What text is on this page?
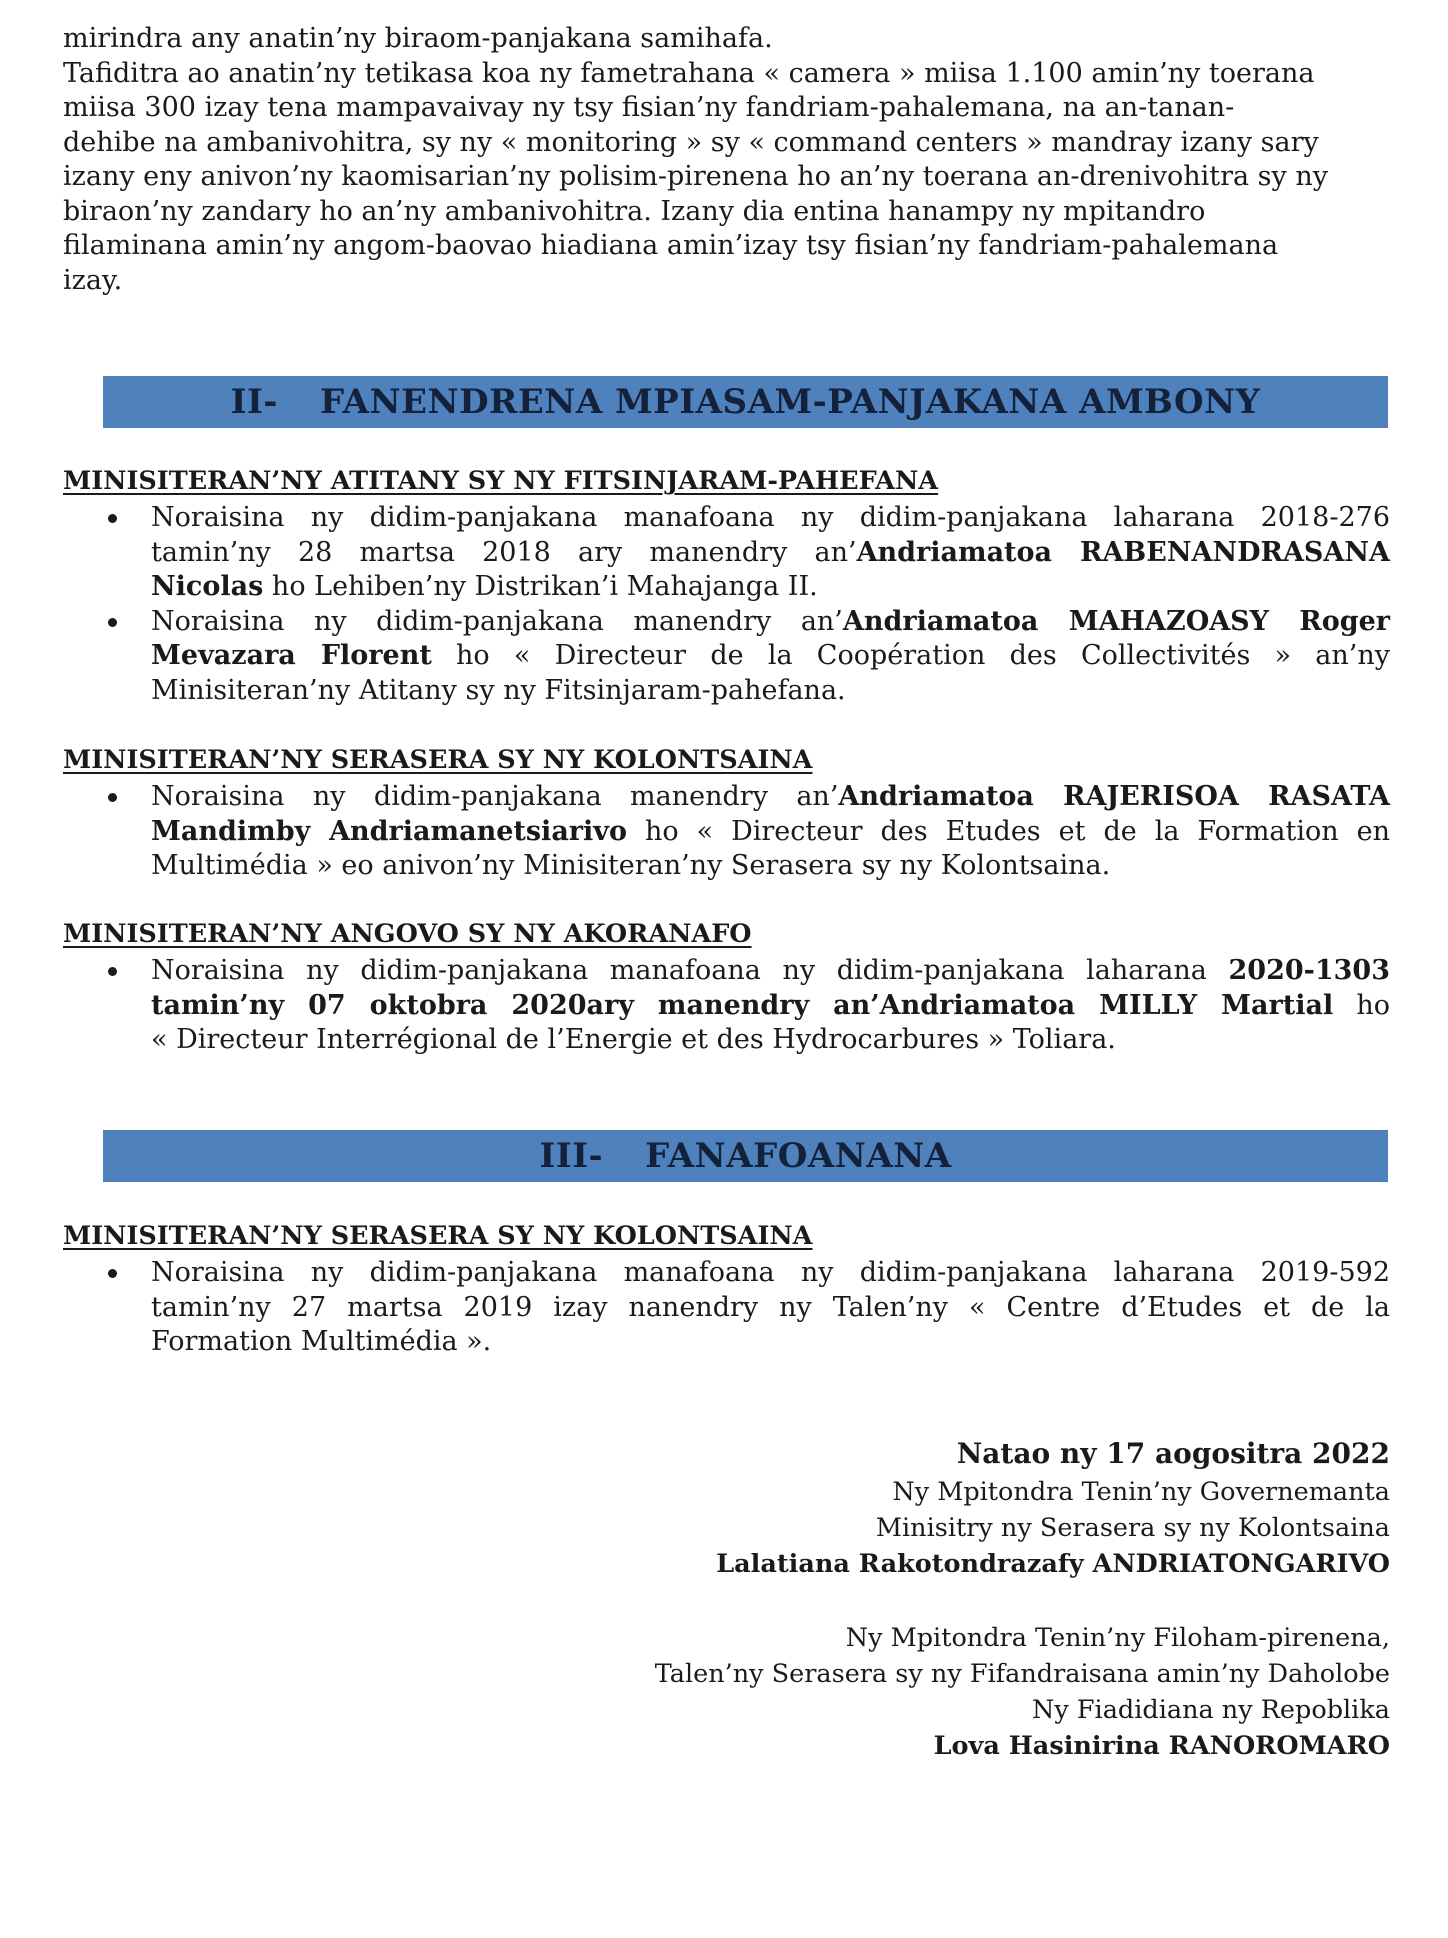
mirindra any anatin’ny biraom-panjakana samihafa.
Tafiditra ao anatin’ny tetikasa koa ny fametrahana « camera » miisa 1.100 amin’ny toerana
miisa 300 izay tena mampavaivay ny tsy fisian’ny fandriam-pahalemana, na an-tanan-
dehibe na ambanivohitra, sy ny « monitoring » sy « command centers » mandray izany sary
izany eny anivon’ny kaomisarian’ny polisim-pirenena ho an’ny toerana an-drenivohitra sy ny
biraon’ny zandary ho an’ny ambanivohitra. Izany dia entina hanampy ny mpitandro
filaminana amin’ny angom-baovao hiadiana amin’izay tsy fisian’ny fandriam-pahalemana
izay.

II- FANENDRENA MPIASAM-PANJAKANA AMBONY

MINISITERAN’NY ATITANY SY NY FITSINJARAM-PAHEFANA

Noraisina ny didim-panjakana manafoana ny didim-panjakana laharana 2018-276
tamin’ny 28 martsa 2018 ary manendry an’Andriamatoa RABENANDRASANA
Nicolas ho Lehiben’ny Distrikan’i Mahajanga II.
Noraisina ny didim-panjakana manendry an’Andriamatoa MAHAZOASY Roger
Mevazara Florent ho « Directeur de la Coopération des Collectivités » an’ny
Minisiteran’ny Atitany sy ny Fitsinjaram-pahefana.

MINISITERAN’NY SERASERA SY NY KOLONTSAINA

Noraisina ny didim-panjakana manendry an’Andriamatoa RAJERISOA RASATA
Mandimby Andriamanetsiarivo ho « Directeur des Etudes et de la Formation en
Multimédia » eo anivon’ny Minisiteran’ny Serasera sy ny Kolontsaina.

MINISITERAN’NY ANGOVO SY NY AKORANAFO

Noraisina ny didim-panjakana manafoana ny didim-panjakana laharana 2020-1303
tamin’ny 07 oktobra 2020ary manendry an’Andriamatoa MILLY Martial ho
« Directeur Interrégional de l’Energie et des Hydrocarbures » Toliara.
III- FANAFOANANA

MINISITERAN’NY SERASERA SY NY KOLONTSAINA

Noraisina ny didim-panjakana manafoana ny didim-panjakana laharana 2019-592
tamin’ny 27 martsa 2019 izay nanendry ny Talen’ny « Centre d’Etudes et de la
Formation Multimédia ».
Natao ny 17 aogositra 2022
Ny Mpitondra Tenin’ny Governemanta
Minisitry ny Serasera sy ny Kolontsaina
Lalatiana Rakotondrazafy ANDRIATONGARIVO
Ny Mpitondra Tenin’ny Filoham-pirenena,
Talen’ny Serasera sy ny Fifandraisana amin’ny Daholobe
Ny Fiadidiana ny Repoblika
Lova Hasinirina RANOROMARO
